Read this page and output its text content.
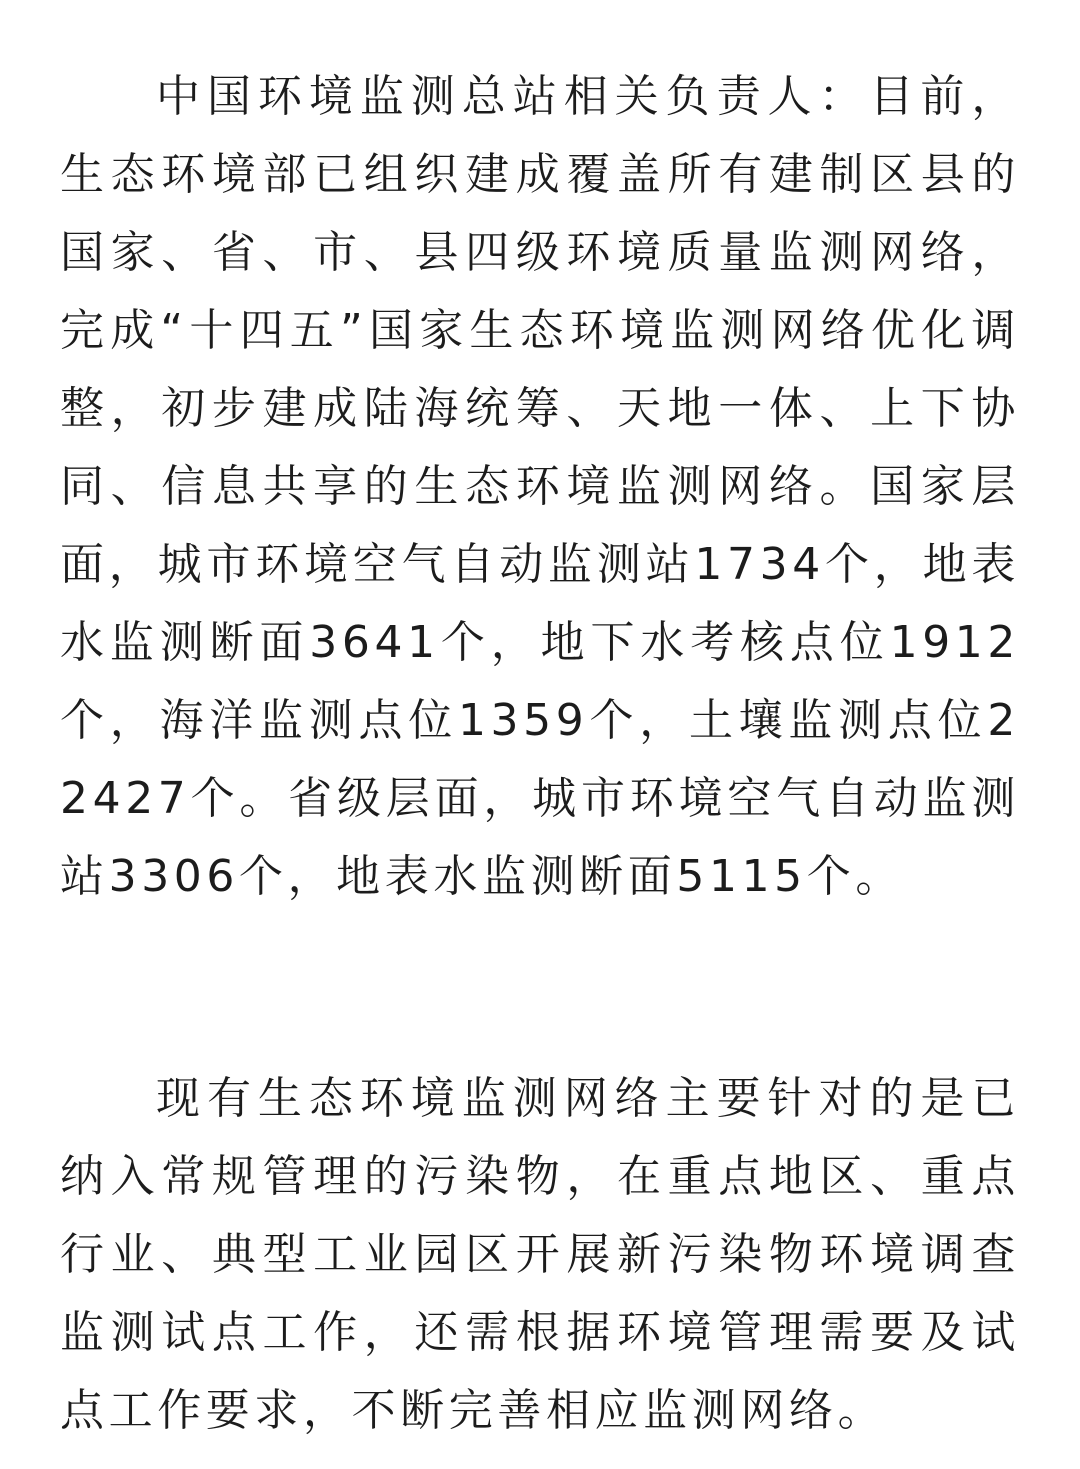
中国环境监测总站相关负责人：目前，生态环境部已组织建成覆盖所有建制区县的国家、省、市、县四级环境质量监测网络，完成“十四五”国家生态环境监测网络优化调整，初步建成陆海统筹、天地一体、上下协同、信息共享的生态环境监测网络。国家层面，城市环境空气自动监测站1734个，地表水监测断面3641个，地下水考核点位1912个，海洋监测点位1359个，土壤监测点位22427个。省级层面，城市环境空气自动监测站3306个，地表水监测断面5115个。

现有生态环境监测网络主要针对的是已纳入常规管理的污染物，在重点地区、重点行业、典型工业园区开展新污染物环境调查监测试点工作，还需根据环境管理需要及试点工作要求，不断完善相应监测网络。
